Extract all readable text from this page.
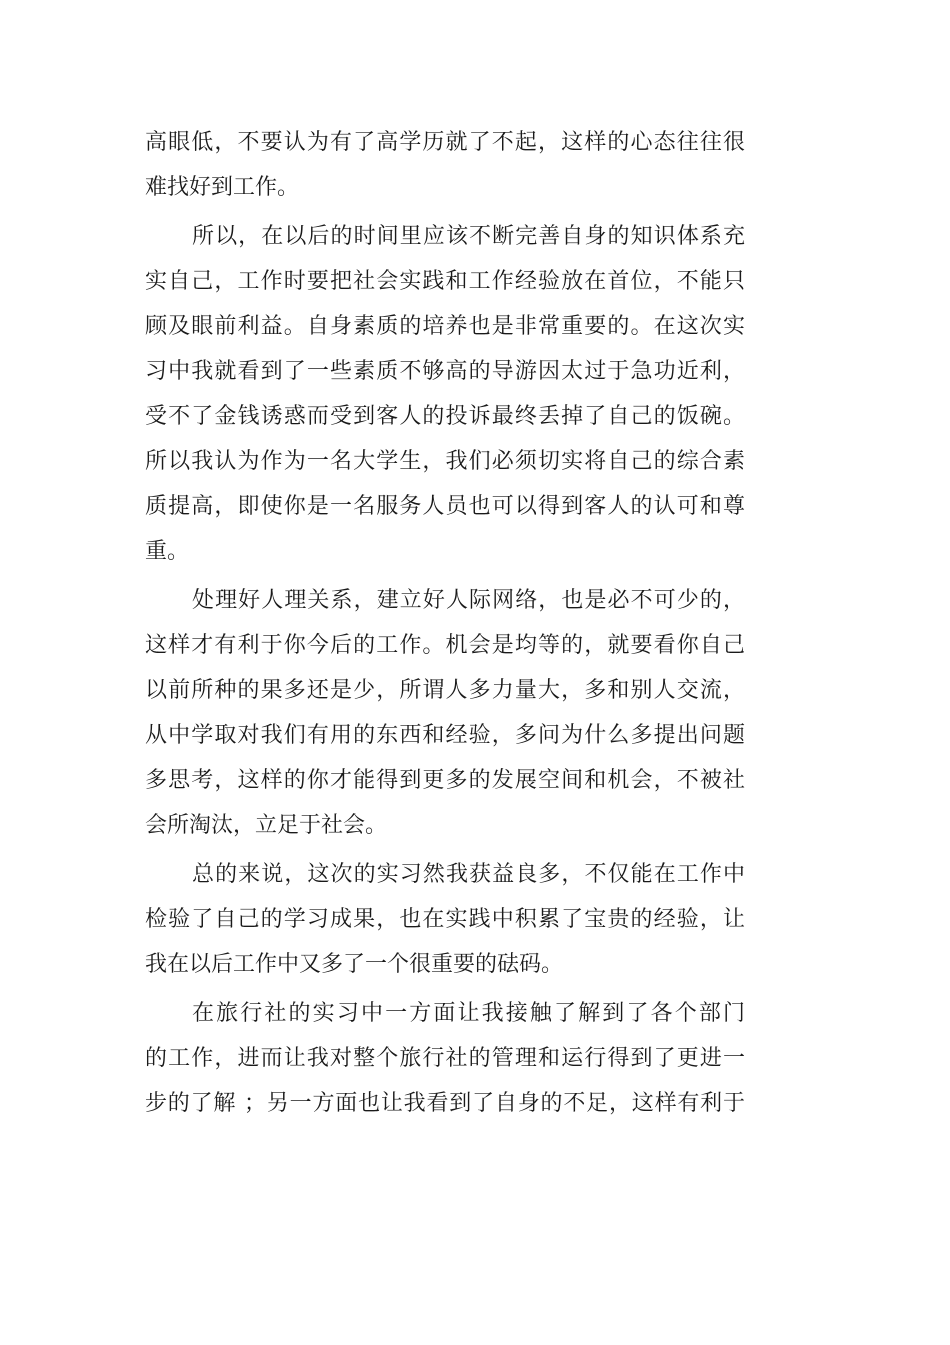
高眼低，不要认为有了高学历就了不起，这样的心态往往很
难找好到工作。
所以，在以后的时间里应该不断完善自身的知识体系充
实自己，工作时要把社会实践和工作经验放在首位，不能只
顾及眼前利益。自身素质的培养也是非常重要的。在这次实
习中我就看到了一些素质不够高的导游因太过于急功近利，
受不了金钱诱惑而受到客人的投诉最终丢掉了自己的饭碗。
所以我认为作为一名大学生，我们必须切实将自己的综合素
质提高，即使你是一名服务人员也可以得到客人的认可和尊
重。
处理好人理关系，建立好人际网络，也是必不可少的，
这样才有利于你今后的工作。机会是均等的，就要看你自己
以前所种的果多还是少，所谓人多力量大，多和别人交流，
从中学取对我们有用的东西和经验，多问为什么多提出问题
多思考，这样的你才能得到更多的发展空间和机会，不被社
会所淘汰，立足于社会。
总的来说，这次的实习然我获益良多，不仅能在工作中
检验了自己的学习成果，也在实践中积累了宝贵的经验，让
我在以后工作中又多了一个很重要的砝码。
在旅行社的实习中一方面让我接触了解到了各个部门
的工作，进而让我对整个旅行社的管理和运行得到了更进一
步的了解 ；另一方面也让我看到了自身的不足，这样有利于
